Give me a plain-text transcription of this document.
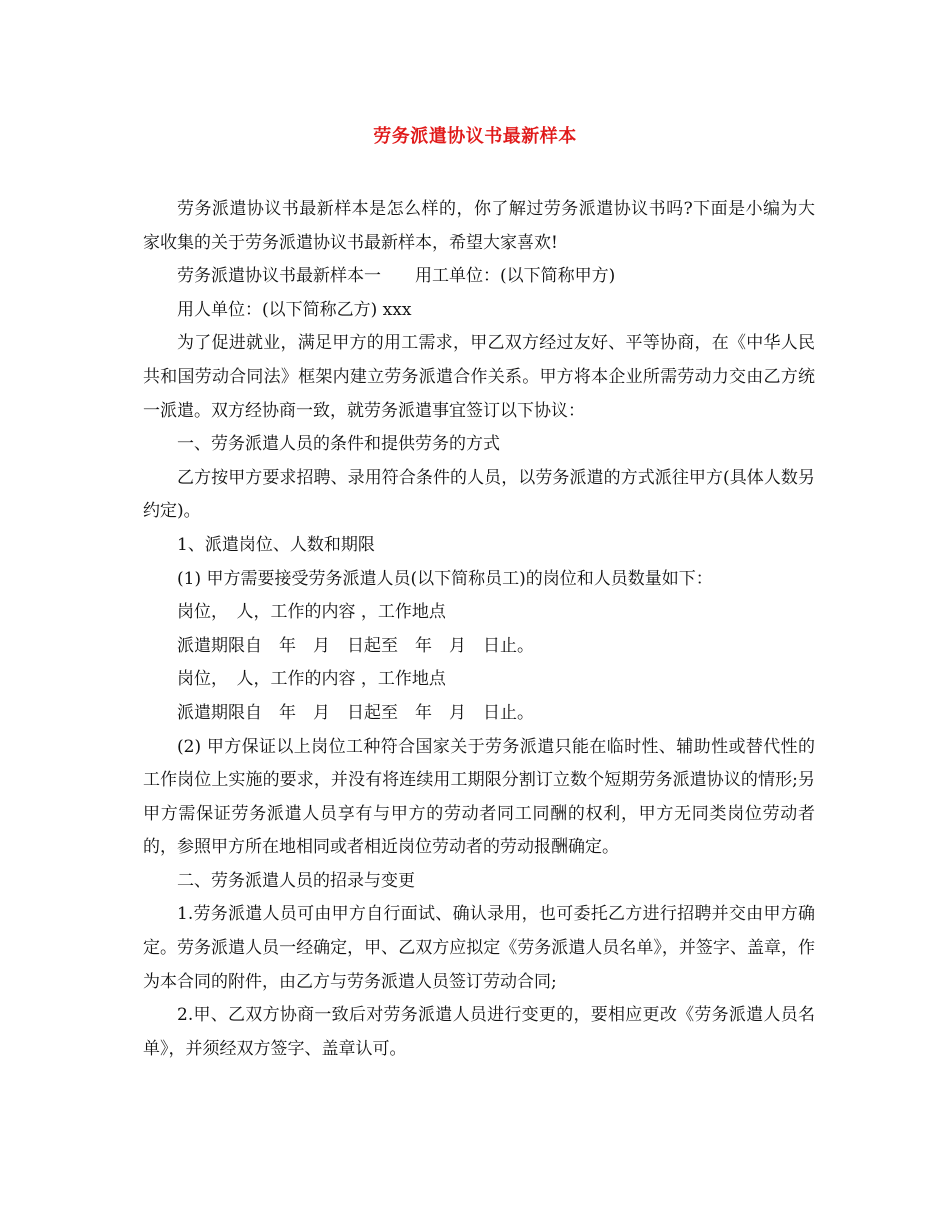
劳务派遣协议书最新样本

劳务派遣协议书最新样本是怎么样的，你了解过劳务派遣协议书吗?下面是小编为大家收集的关于劳务派遣协议书最新样本，希望大家喜欢!

劳务派遣协议书最新样本一　　用工单位：(以下简称甲方)

用人单位：(以下简称乙方) xxx

为了促进就业，满足甲方的用工需求，甲乙双方经过友好、平等协商，在《中华人民共和国劳动合同法》框架内建立劳务派遣合作关系。甲方将本企业所需劳动力交由乙方统一派遣。双方经协商一致，就劳务派遣事宜签订以下协议：

一、劳务派遣人员的条件和提供劳务的方式

乙方按甲方要求招聘、录用符合条件的人员，以劳务派遣的方式派往甲方(具体人数另约定)。

1、派遣岗位、人数和期限

(1) 甲方需要接受劳务派遣人员(以下简称员工)的岗位和人员数量如下：

岗位，　人，工作的内容 ，工作地点

派遣期限自　年　月　日起至　年　月　日止。

岗位，　人，工作的内容 ，工作地点

派遣期限自　年　月　日起至　年　月　日止。

(2) 甲方保证以上岗位工种符合国家关于劳务派遣只能在临时性、辅助性或替代性的工作岗位上实施的要求，并没有将连续用工期限分割订立数个短期劳务派遣协议的情形;另甲方需保证劳务派遣人员享有与甲方的劳动者同工同酬的权利，甲方无同类岗位劳动者的，参照甲方所在地相同或者相近岗位劳动者的劳动报酬确定。

二、劳务派遣人员的招录与变更

1.劳务派遣人员可由甲方自行面试、确认录用，也可委托乙方进行招聘并交由甲方确定。劳务派遣人员一经确定，甲、乙双方应拟定《劳务派遣人员名单》，并签字、盖章，作为本合同的附件，由乙方与劳务派遣人员签订劳动合同;

2.甲、乙双方协商一致后对劳务派遣人员进行变更的，要相应更改《劳务派遣人员名单》，并须经双方签字、盖章认可。
